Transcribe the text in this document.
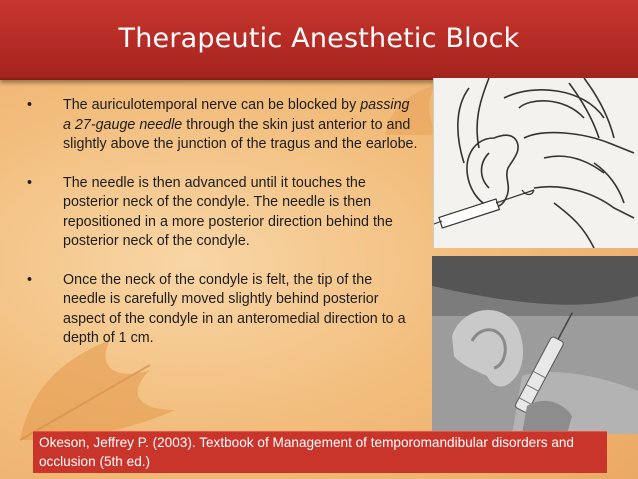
Therapeutic Anesthetic Block
• The auriculotemporal nerve can be blocked by passing a 27-gauge needle through the skin just anterior to and slightly above the junction of the tragus and the earlobe.
• The needle is then advanced until it touches the posterior neck of the condyle. The needle is then repositioned in a more posterior direction behind the posterior neck of the condyle.
• Once the neck of the condyle is felt, the tip of the needle is carefully moved slightly behind posterior aspect of the condyle in an anteromedial direction to a depth of 1 cm.
Okeson, Jeffrey P. (2003). Textbook of Management of temporomandibular disorders and occlusion (5th ed.)
